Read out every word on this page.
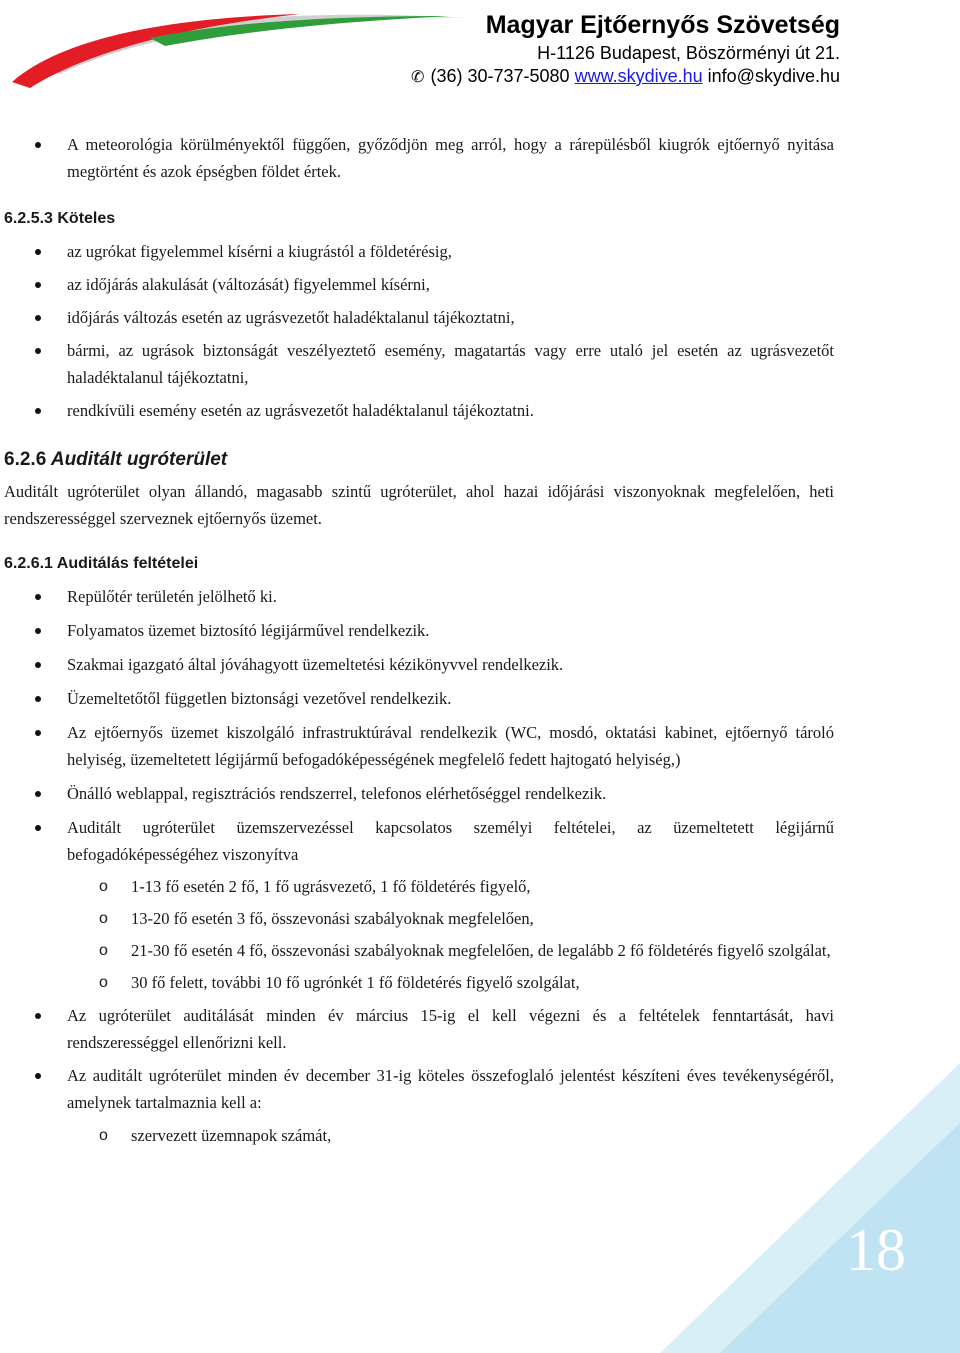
Magyar Ejtőernyős Szövetség
H-1126 Budapest, Böszörményi út 21.
✆ (36) 30-737-5080 www.skydive.hu info@skydive.hu
A meteorológia körülményektől függően, győződjön meg arról, hogy a rárepülésből kiugrók ejtőernyő nyitása megtörtént és azok épségben földet értek.
6.2.5.3 Köteles
az ugrókat figyelemmel kísérni a kiugrástól a földetérésig,
az időjárás alakulását (változását) figyelemmel kísérni,
időjárás változás esetén az ugrásvezetőt haladéktalanul tájékoztatni,
bármi, az ugrások biztonságát veszélyeztető esemény, magatartás vagy erre utaló jel esetén az ugrásvezetőt haladéktalanul tájékoztatni,
rendkívüli esemény esetén az ugrásvezetőt haladéktalanul tájékoztatni.
6.2.6 Auditált ugróterület
Auditált ugróterület olyan állandó, magasabb szintű ugróterület, ahol hazai időjárási viszonyoknak megfelelően, heti rendszerességgel szerveznek ejtőernyős üzemet.
6.2.6.1 Auditálás feltételei
Repülőtér területén jelölhető ki.
Folyamatos üzemet biztosító légijárművel rendelkezik.
Szakmai igazgató által jóváhagyott üzemeltetési kézikönyvvel rendelkezik.
Üzemeltetőtől független biztonsági vezetővel rendelkezik.
Az ejtőernyős üzemet kiszolgáló infrastruktúrával rendelkezik (WC, mosdó, oktatási kabinet, ejtőernyő tároló helyiség, üzemeltetett légijármű befogadóképességének megfelelő fedett hajtogató helyiség,)
Önálló weblappal, regisztrációs rendszerrel, telefonos elérhetőséggel rendelkezik.
Auditált ugróterület üzemszervezéssel kapcsolatos személyi feltételei, az üzemeltetett légijárnű befogadóképességéhez viszonyítva
o 1-13 fő esetén 2 fő, 1 fő ugrásvezető, 1 fő földetérés figyelő,
o 13-20 fő esetén 3 fő, összevonási szabályoknak megfelelően,
o 21-30 fő esetén 4 fő, összevonási szabályoknak megfelelően, de legalább 2 fő földetérés figyelő szolgálat,
o 30 fő felett, további 10 fő ugrónkét 1 fő földetérés figyelő szolgálat,
Az ugróterület auditálását minden év március 15-ig el kell végezni és a feltételek fenntartását, havi rendszerességgel ellenőrizni kell.
Az auditált ugróterület minden év december 31-ig köteles összefoglaló jelentést készíteni éves tevékenységéről, amelynek tartalmaznia kell a:
o szervezett üzemnapok számát,
18
